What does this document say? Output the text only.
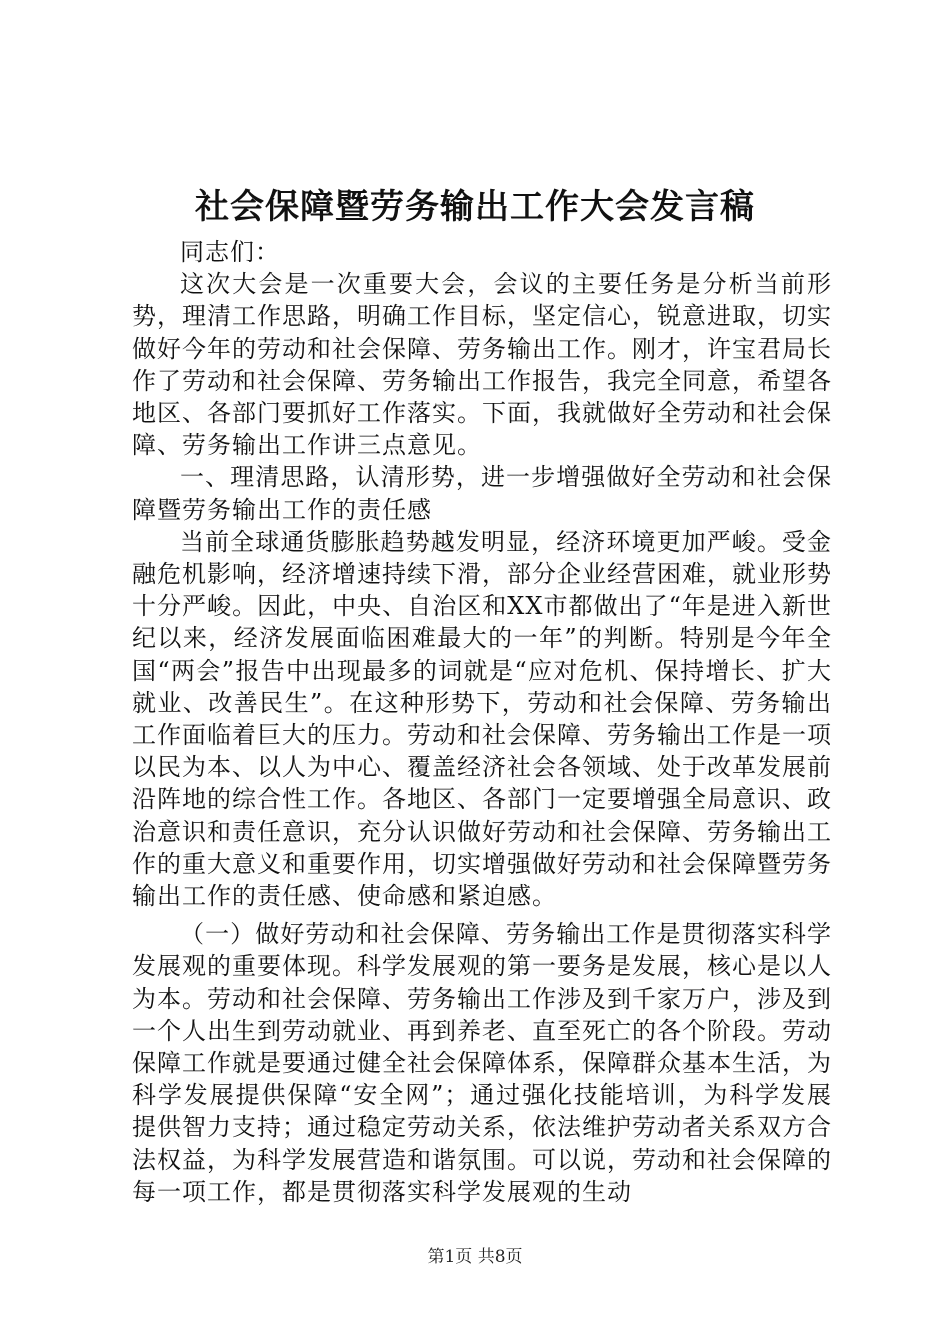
社会保障暨劳务输出工作大会发言稿

同志们：

这次大会是一次重要大会，会议的主要任务是分析当前形势，理清工作思路，明确工作目标，坚定信心，锐意进取，切实做好今年的劳动和社会保障、劳务输出工作。刚才，许宝君局长作了劳动和社会保障、劳务输出工作报告，我完全同意，希望各地区、各部门要抓好工作落实。下面，我就做好全劳动和社会保障、劳务输出工作讲三点意见。

一、理清思路，认清形势，进一步增强做好全劳动和社会保障暨劳务输出工作的责任感

当前全球通货膨胀趋势越发明显，经济环境更加严峻。受金融危机影响，经济增速持续下滑，部分企业经营困难，就业形势十分严峻。因此，中央、自治区和XX市都做出了“年是进入新世纪以来，经济发展面临困难最大的一年”的判断。特别是今年全国“两会”报告中出现最多的词就是“应对危机、保持增长、扩大就业、改善民生”。在这种形势下，劳动和社会保障、劳务输出工作面临着巨大的压力。劳动和社会保障、劳务输出工作是一项以民为本、以人为中心、覆盖经济社会各领域、处于改革发展前沿阵地的综合性工作。各地区、各部门一定要增强全局意识、政治意识和责任意识，充分认识做好劳动和社会保障、劳务输出工作的重大意义和重要作用，切实增强做好劳动和社会保障暨劳务输出工作的责任感、使命感和紧迫感。

（一）做好劳动和社会保障、劳务输出工作是贯彻落实科学发展观的重要体现。科学发展观的第一要务是发展，核心是以人为本。劳动和社会保障、劳务输出工作涉及到千家万户，涉及到一个人出生到劳动就业、再到养老、直至死亡的各个阶段。劳动保障工作就是要通过健全社会保障体系，保障群众基本生活，为科学发展提供保障“安全网”；通过强化技能培训，为科学发展提供智力支持；通过稳定劳动关系，依法维护劳动者关系双方合法权益，为科学发展营造和谐氛围。可以说，劳动和社会保障的每一项工作，都是贯彻落实科学发展观的生动

第1页 共8页
